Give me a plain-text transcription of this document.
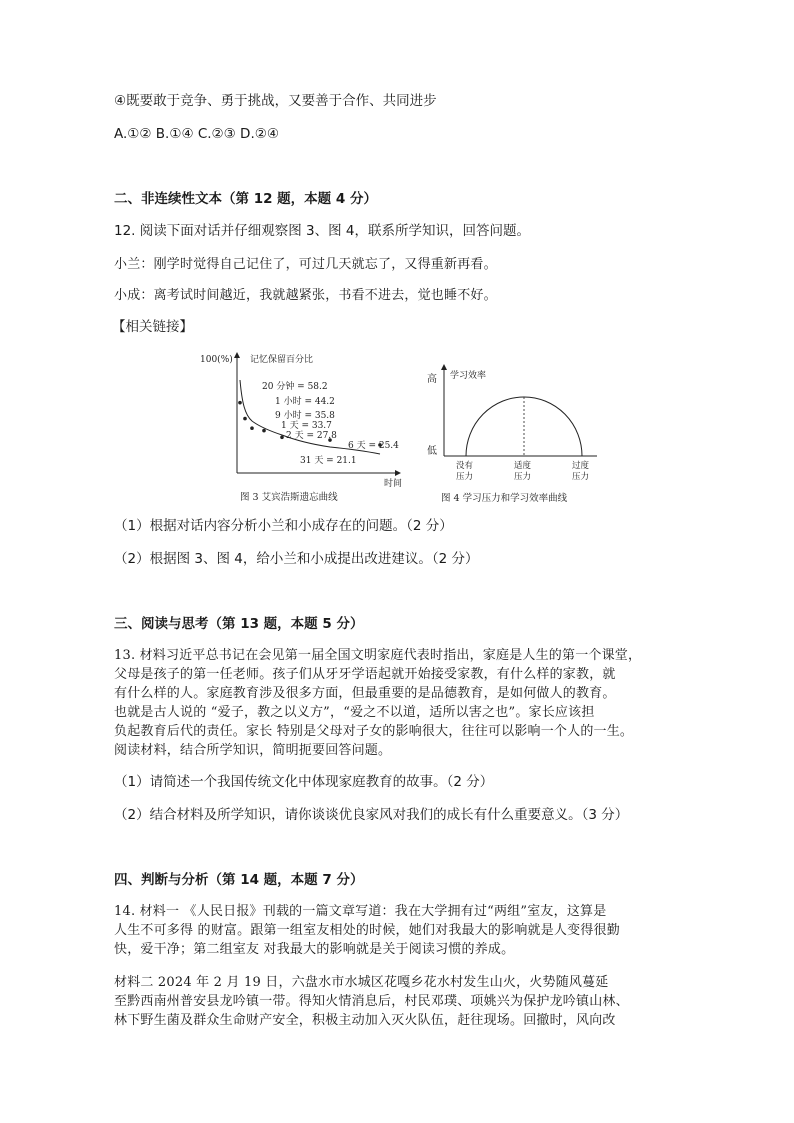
④既要敢于竞争、勇于挑战，又要善于合作、共同进步
A.①② B.①④ C.②③ D.②④
二、非连续性文本（第 12 题，本题 4 分）
12. 阅读下面对话并仔细观察图 3、图 4，联系所学知识，回答问题。
小兰：刚学时觉得自己记住了，可过几天就忘了，又得重新再看。
小成：离考试时间越近，我就越紧张，书看不进去，觉也睡不好。
【相关链接】
100(%) 记忆保留百分比
时间
20 分钟 = 58.2
1 小时 = 44.2
9 小时 = 35.8
1 天 = 33.7
2 天 = 27.8
6 天 = 25.4
31 天 = 21.1
图 3 艾宾浩斯遗忘曲线
高 学习效率
低
没有
压力
适度
压力
过度
压力
图 4 学习压力和学习效率曲线
（1）根据对话内容分析小兰和小成存在的问题。（2 分）
（2）根据图 3、图 4，给小兰和小成提出改进建议。（2 分）
三、阅读与思考（第 13 题，本题 5 分）
13. 材料习近平总书记在会见第一届全国文明家庭代表时指出，家庭是人生的第一个课堂，
父母是孩子的第一任老师。孩子们从牙牙学语起就开始接受家教，有什么样的家教，就
有什么样的人。家庭教育涉及很多方面，但最重要的是品德教育，是如何做人的教育。
也就是古人说的 “爱子，教之以义方”，“爱之不以道，适所以害之也”。家长应该担
负起教育后代的责任。家长 特别是父母对子女的影响很大，往往可以影响一个人的一生。
阅读材料，结合所学知识，简明扼要回答问题。
（1）请简述一个我国传统文化中体现家庭教育的故事。（2 分）
（2）结合材料及所学知识，请你谈谈优良家风对我们的成长有什么重要意义。（3 分）
四、判断与分析（第 14 题，本题 7 分）
14. 材料一 《人民日报》刊载的一篇文章写道：我在大学拥有过“两组”室友，这算是
人生不可多得 的财富。跟第一组室友相处的时候，她们对我最大的影响就是人变得很勤
快，爱干净；第二组室友 对我最大的影响就是关于阅读习惯的养成。
材料二 2024 年 2 月 19 日，六盘水市水城区花嘎乡花水村发生山火，火势随风蔓延
至黔西南州普安县龙吟镇一带。得知火情消息后，村民邓璞、项姚兴为保护龙吟镇山林、
林下野生菌及群众生命财产安全，积极主动加入灭火队伍，赶往现场。回撤时，风向改
